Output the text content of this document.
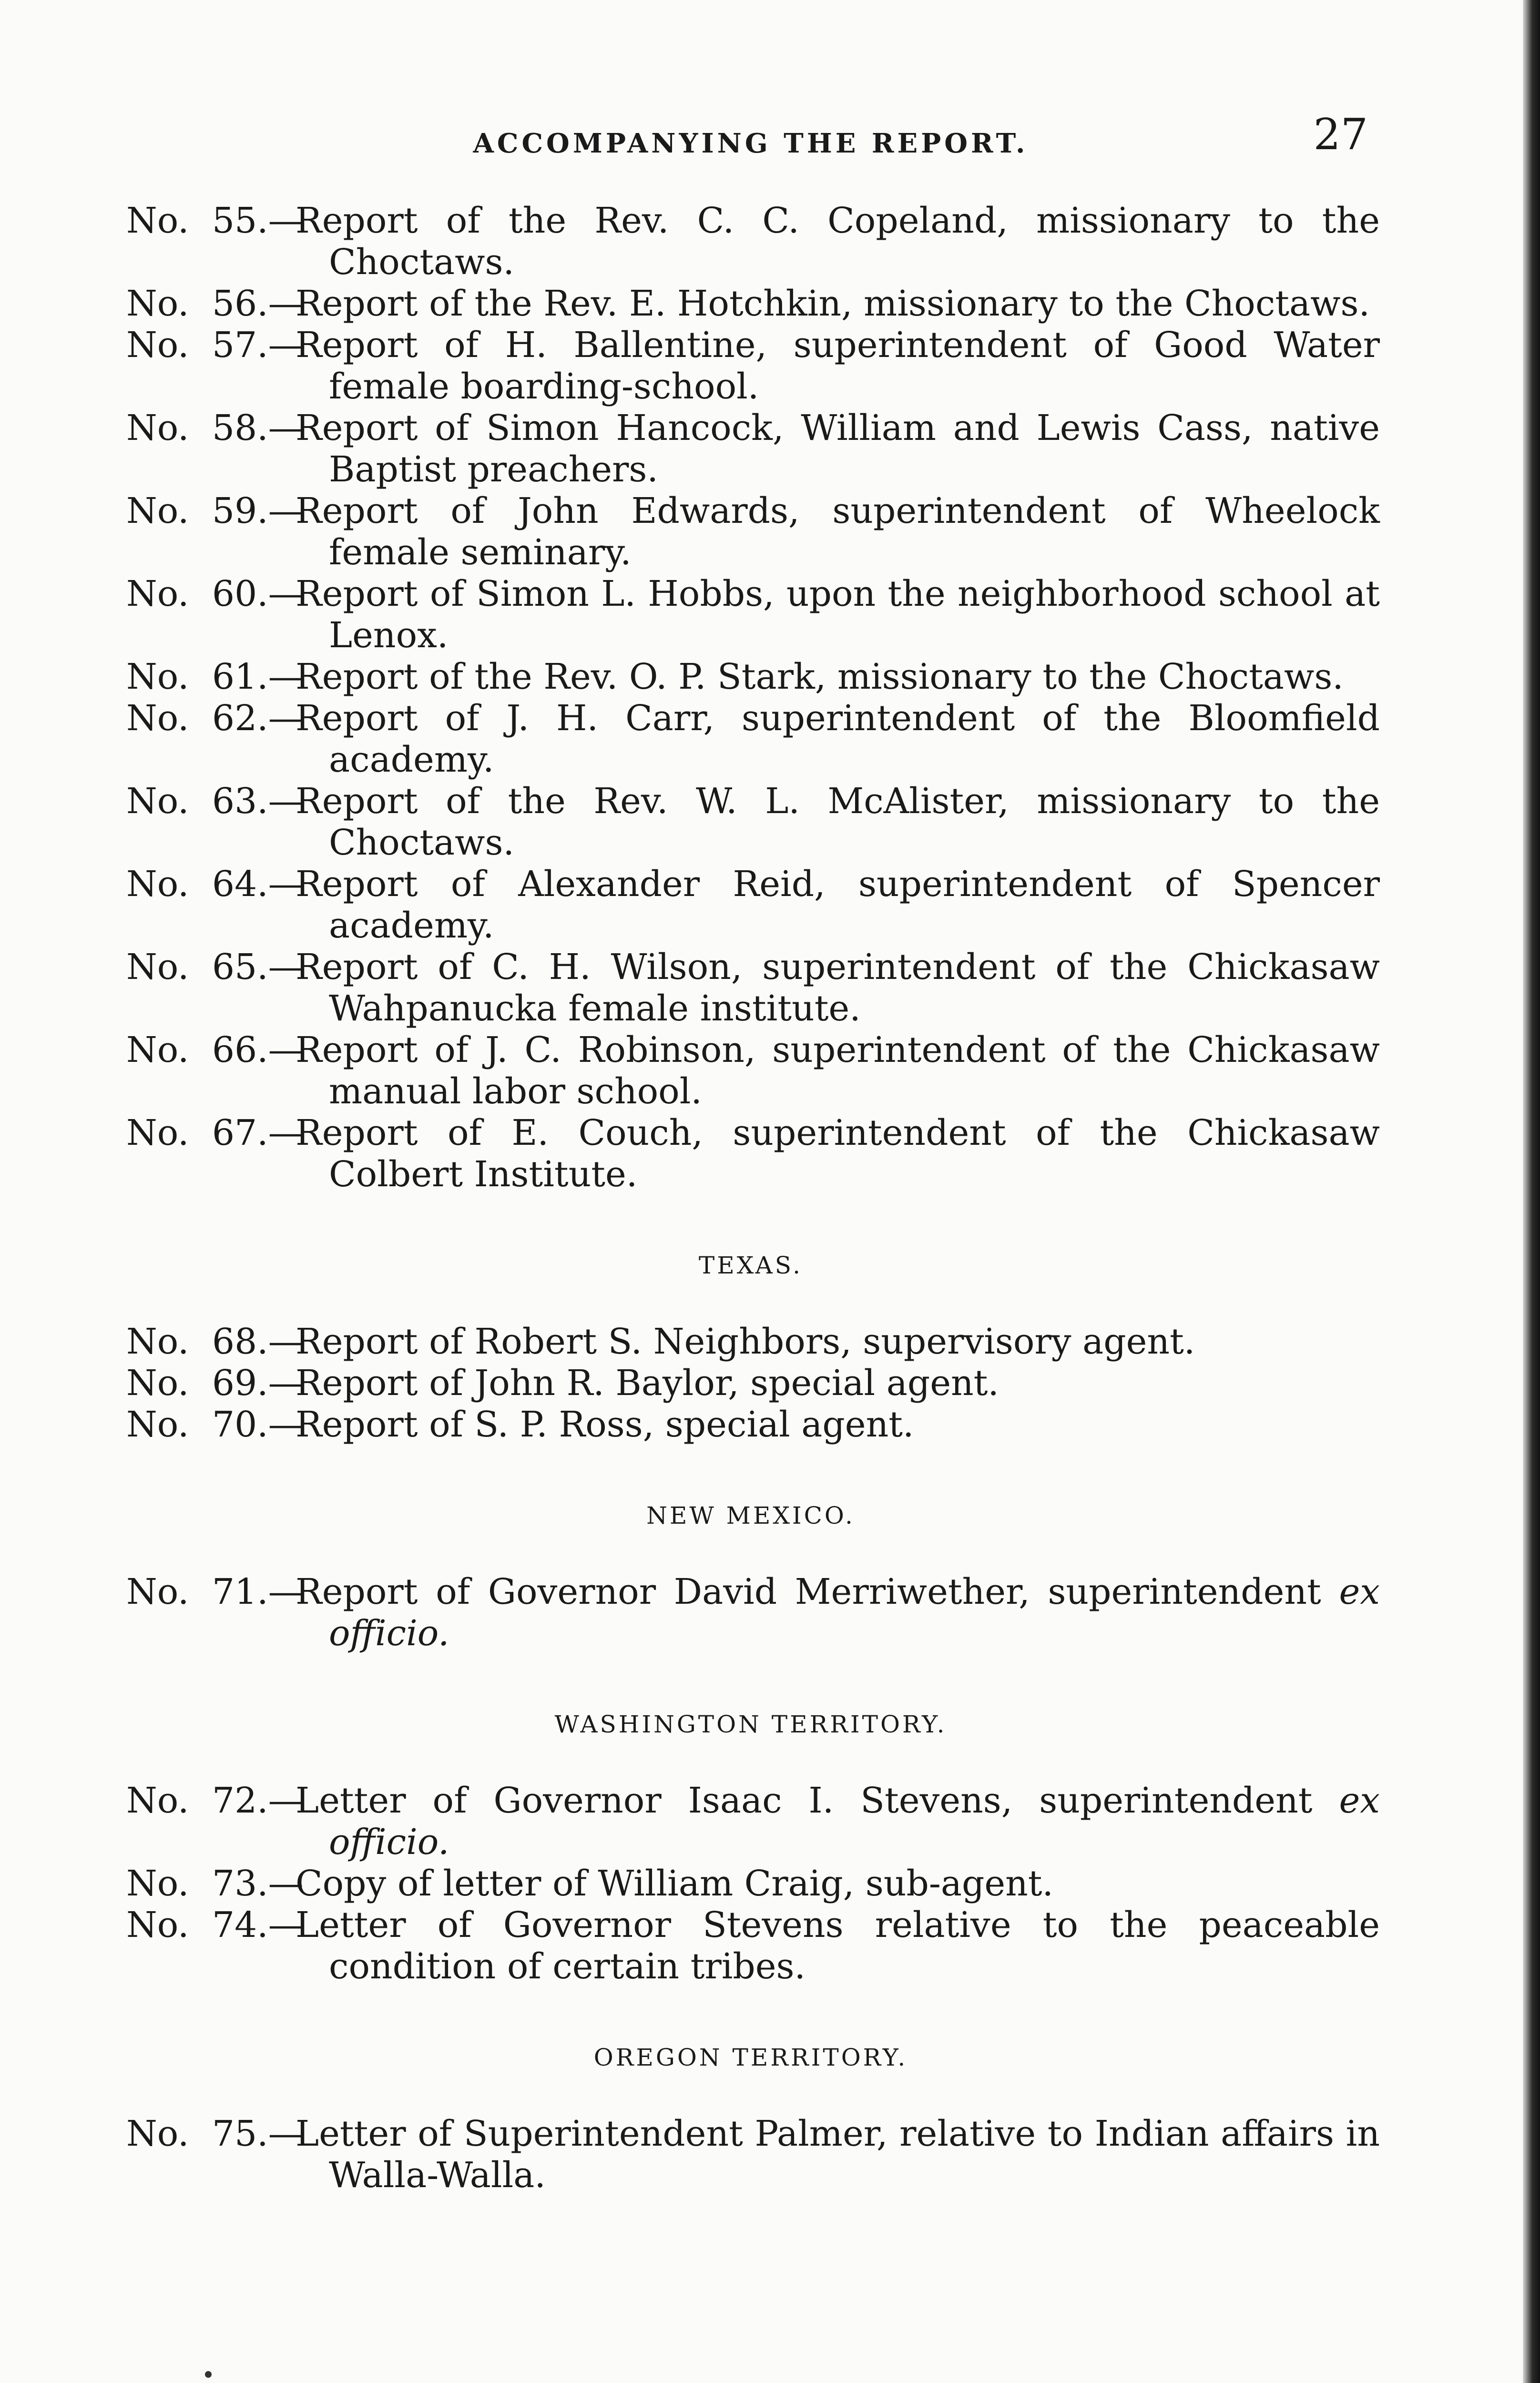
ACCOMPANYING THE REPORT.	27
No. 55.—
Report of the Rev. C. C. Copeland, missionary to the Choctaws.
No. 56.—
Report of the Rev. E. Hotchkin, missionary to the Choctaws.
No. 57.—
Report of H. Ballentine, superintendent of Good Water female boarding-school.
No. 58.—
Report of Simon Hancock, William and Lewis Cass, native Baptist preachers.
No. 59.—
Report of John Edwards, superintendent of Wheelock female seminary.
No. 60.—
Report of Simon L. Hobbs, upon the neighborhood school at Lenox.
No. 61.—
Report of the Rev. O. P. Stark, missionary to the Choctaws.
No. 62.—
Report of J. H. Carr, superintendent of the Bloomfield academy.
No. 63.—
Report of the Rev. W. L. McAlister, missionary to the Choctaws.
No. 64.—
Report of Alexander Reid, superintendent of Spencer academy.
No. 65.—
Report of C. H. Wilson, superintendent of the Chickasaw Wahpanucka female institute.
No. 66.—
Report of J. C. Robinson, superintendent of the Chickasaw manual labor school.
No. 67.—
Report of E. Couch, superintendent of the Chickasaw Colbert Institute.
TEXAS.
No. 68.—
Report of Robert S. Neighbors, supervisory agent.
No. 69.—
Report of John R. Baylor, special agent.
No. 70.—
Report of S. P. Ross, special agent.
NEW MEXICO.
No. 71.—
Report of Governor David Merriwether, superintendent ex officio.
WASHINGTON TERRITORY.
No. 72.—
Letter of Governor Isaac I. Stevens, superintendent ex officio.
No. 73.—
Copy of letter of William Craig, sub-agent.
No. 74.—
Letter of Governor Stevens relative to the peaceable condition of certain tribes.
OREGON TERRITORY.
No. 75.—
Letter of Superintendent Palmer, relative to Indian affairs in Walla-Walla.
